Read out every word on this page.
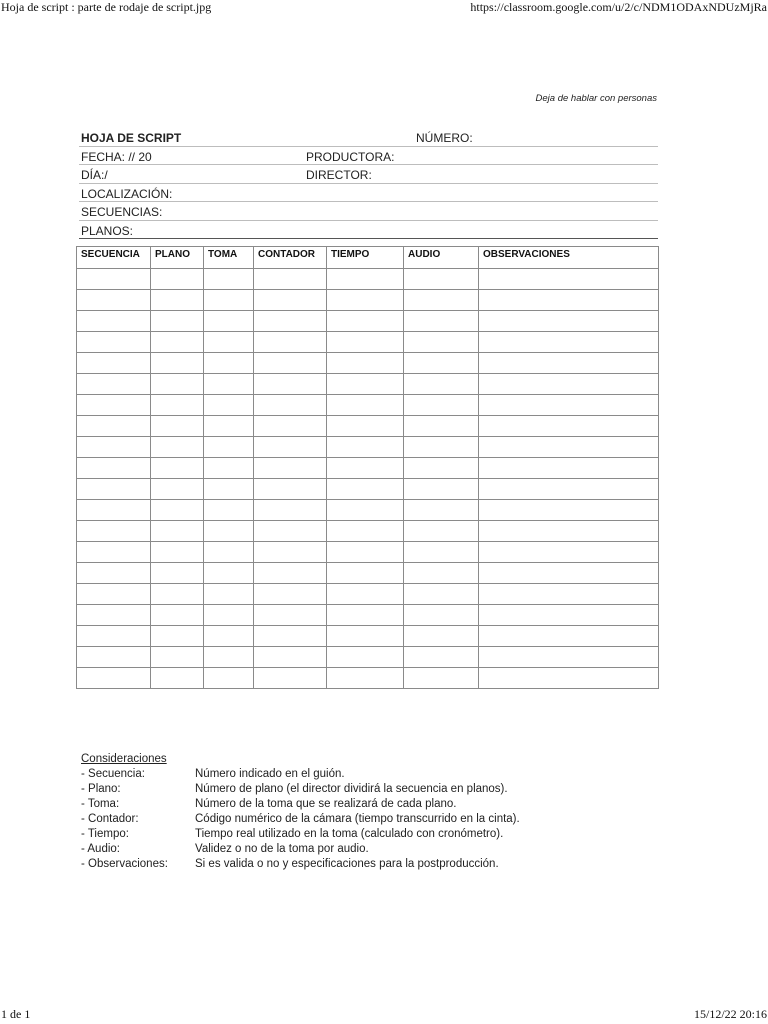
Hoja de script : parte de rodaje de script.jpg	https://classroom.google.com/u/2/c/NDM1ODAxNDUzMjRa
Deja de hablar con personas
HOJA DE SCRIPT	NÚMERO:
FECHA: // 20	PRODUCTORA:
DÍA:/	DIRECTOR:
LOCALIZACIÓN:
SECUENCIAS:
PLANOS:
SECUENCIA	PLANO	TOMA	CONTADOR	TIEMPO	AUDIO	OBSERVACIONES

Consideraciones
- Secuencia:	Número indicado en el guión.
- Plano:	Número de plano (el director dividirá la secuencia en planos).
- Toma:	Número de la toma que se realizará de cada plano.
- Contador:	Código numérico de la cámara (tiempo transcurrido en la cinta).
- Tiempo:	Tiempo real utilizado en la toma (calculado con cronómetro).
- Audio:	Validez o no de la toma por audio.
- Observaciones: Si es valida o no y especificaciones para la postproducción.
1 de 1	15/12/22 20:16
